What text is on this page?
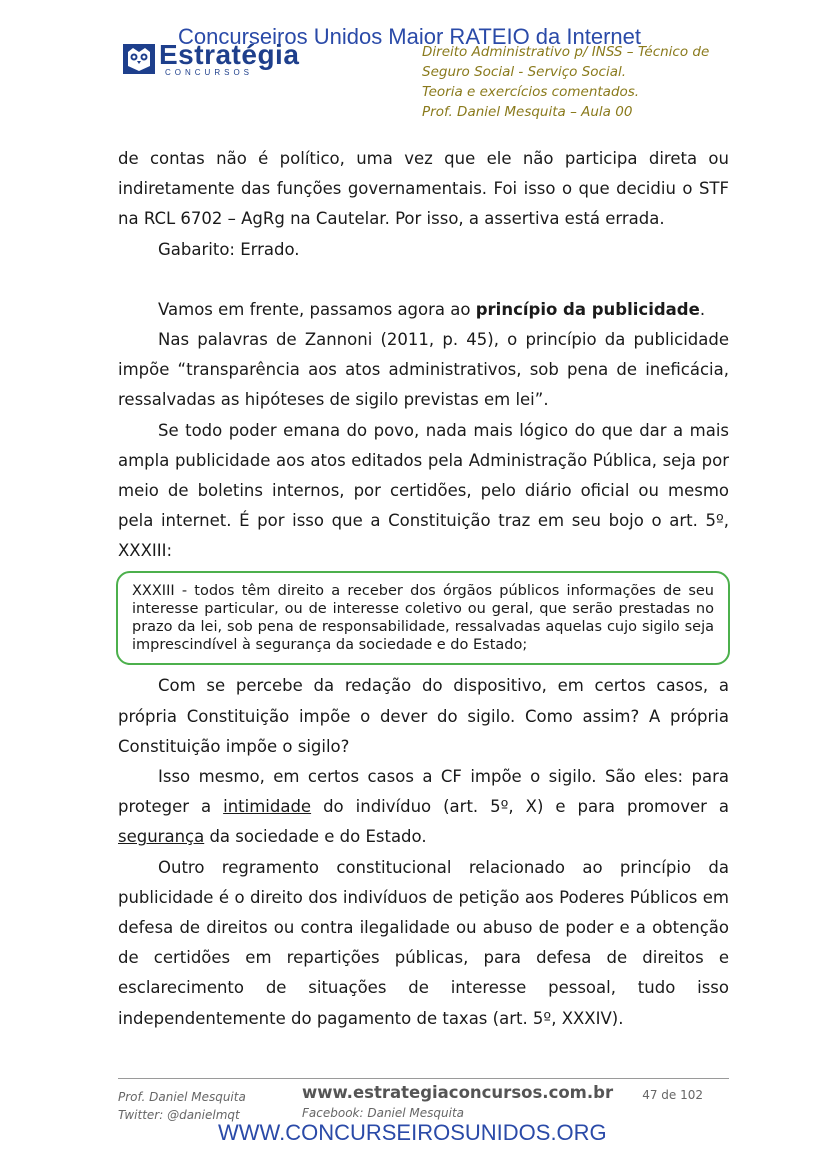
Concurseiros Unidos Maior RATEIO da Internet
Estratégia
CONCURSOS
Direito Administrativo p/ INSS – Técnico de
Seguro Social - Serviço Social.
Teoria e exercícios comentados.
Prof. Daniel Mesquita – Aula 00

de contas não é político, uma vez que ele não participa direta ou indiretamente das funções governamentais. Foi isso o que decidiu o STF na RCL 6702 – AgRg na Cautelar. Por isso, a assertiva está errada.

Gabarito: Errado.

Vamos em frente, passamos agora ao princípio da publicidade.

Nas palavras de Zannoni (2011, p. 45), o princípio da publicidade impõe “transparência aos atos administrativos, sob pena de ineficácia, ressalvadas as hipóteses de sigilo previstas em lei”.

Se todo poder emana do povo, nada mais lógico do que dar a mais ampla publicidade aos atos editados pela Administração Pública, seja por meio de boletins internos, por certidões, pelo diário oficial ou mesmo pela internet. É por isso que a Constituição traz em seu bojo o art. 5º, XXXIII:

XXXIII - todos têm direito a receber dos órgãos públicos informações de seu interesse particular, ou de interesse coletivo ou geral, que serão prestadas no prazo da lei, sob pena de responsabilidade, ressalvadas aquelas cujo sigilo seja imprescindível à segurança da sociedade e do Estado;

Com se percebe da redação do dispositivo, em certos casos, a própria Constituição impõe o dever do sigilo. Como assim? A própria Constituição impõe o sigilo?

Isso mesmo, em certos casos a CF impõe o sigilo. São eles: para proteger a intimidade do indivíduo (art. 5º, X) e para promover a segurança da sociedade e do Estado.

Outro regramento constitucional relacionado ao princípio da publicidade é o direito dos indivíduos de petição aos Poderes Públicos em defesa de direitos ou contra ilegalidade ou abuso de poder e a obtenção de certidões em repartições públicas, para defesa de direitos e esclarecimento de situações de interesse pessoal, tudo isso independentemente do pagamento de taxas (art. 5º, XXXIV).

Prof. Daniel Mesquita
Twitter: @danielmqt
www.estrategiaconcursos.com.br
Facebook: Daniel Mesquita
47 de 102
WWW.CONCURSEIROSUNIDOS.ORG
